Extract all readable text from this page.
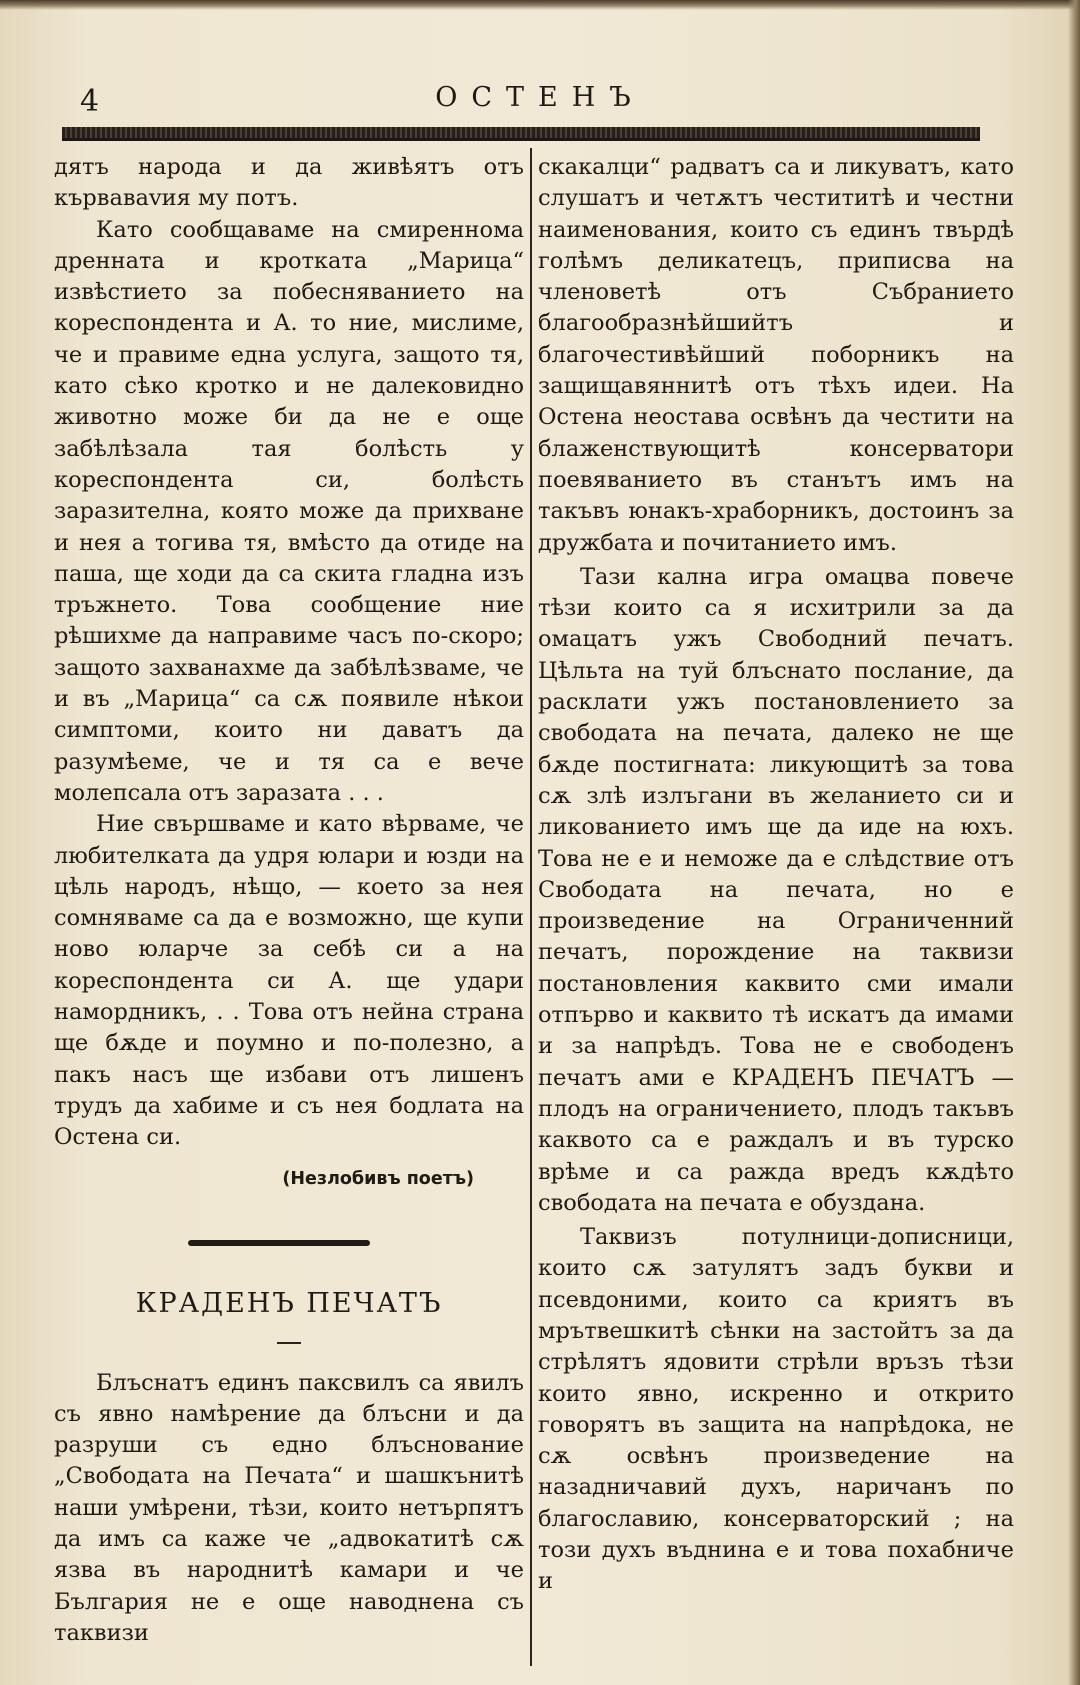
4	ОСТЕНЪ

дятъ народа и да живѣятъ отъ кърваваvия му потъ.

Като сообщаваме на смиреннома дренната и кротката „Марица“ извѣстието за побесняванието на кореспондента и А. то ние, мислиме, че и правиме една услуга, защото тя, като сѣко кротко и не далековидно животно може би да не е още забѣлѣзала тая болѣсть у кореспондента си, болѣсть заразителна, която може да прихване и нея а тогива тя, вмѣсто да отиде на паша, ще ходи да са скита гладна изъ тръжнето. Това сообщение ние рѣшихме да направиме часъ по-скоро; защото захванахме да забѣлѣзваме, че и въ „Марица“ са сѫ появиле нѣкои симптоми, които ни даватъ да разумѣеме, че и тя са е вече молепсала отъ заразата . . .

Ние свършваме и като вѣрваме, че любителката да удря юлари и юзди на цѣль народъ, нѣщо, — което за нея сомняваме са да е возможно, ще купи ново юларче за себѣ си а на кореспондента си А. ще удари намордникъ, . . Това отъ нейна страна ще бѫде и поумно и по-полезно, а пакъ насъ ще избави отъ лишенъ трудъ да хабиме и съ нея бодлата на Остена си.

(Незлобивъ поетъ)
КРАДЕНЪ ПЕЧАТЪ

Блъснатъ единъ паксвилъ са явилъ съ явно намѣрение да блъсни и да разруши съ едно блъснованиe „Свободата на Печата“ и шашкънитѣ наши умѣрени, тѣзи, които нетърпятъ да имъ са каже че „адвокатитѣ сѫ язва въ народнитѣ камари и че България не е още наводнена съ таквизи

скакалци“ радватъ са и ликуватъ, като слушатъ и четѫтъ честититѣ и честни наименования, които съ единъ твърдѣ голѣмъ деликатецъ, приписва на членоветѣ отъ Събранието благообразнѣйшийтъ и благочестивѣйший поборникъ на защищавяннитѣ отъ тѣхъ идеи. На Остена неостава освѣнъ да честити на блаженствующитѣ консерватори поевяванието въ станътъ имъ на такъвъ юнакъ-храборникъ, достоинъ за дружбата и почитанието имъ.

Тази кална игра омацва повече тѣзи които са я исхитрили за да омацатъ ужъ Свободний печатъ. Цѣльта на туй блъснато послание, да расклати ужъ постановлението за свободата на печата, далеко не ще бѫде постигната: ликующитѣ за това сѫ злѣ излъгани въ желанието си и ликованието имъ ще да иде на юхъ. Това не е и неможе да е слѣдствие отъ Свободата на печата, но е произведение на Ограниченний печатъ, порождение на таквизи постановления каквито сми имали отпърво и каквито тѣ искатъ да имами и за напрѣдъ. Това не е свободенъ печатъ ами е КРАДЕНЪ ПЕЧАТЪ — плодъ на ограничението, плодъ такъвъ каквото са е раждалъ и въ турско врѣме и са ражда вредъ кѫдѣто свободата на печата е обуздана.

Таквизъ потулници-дописници, които сѫ затулятъ задъ букви и псевдоними, които са криятъ въ мрътвешкитѣ сѣнки на застойтъ за да стрѣлятъ ядовити стрѣли връзъ тѣзи които явно, искренно и открито говорятъ въ защита на напрѣдока, не сѫ освѣнъ произведение на назадничавий духъ, наричанъ по благославию, консерваторский ; на този духъ въднина е и това похабниче и
